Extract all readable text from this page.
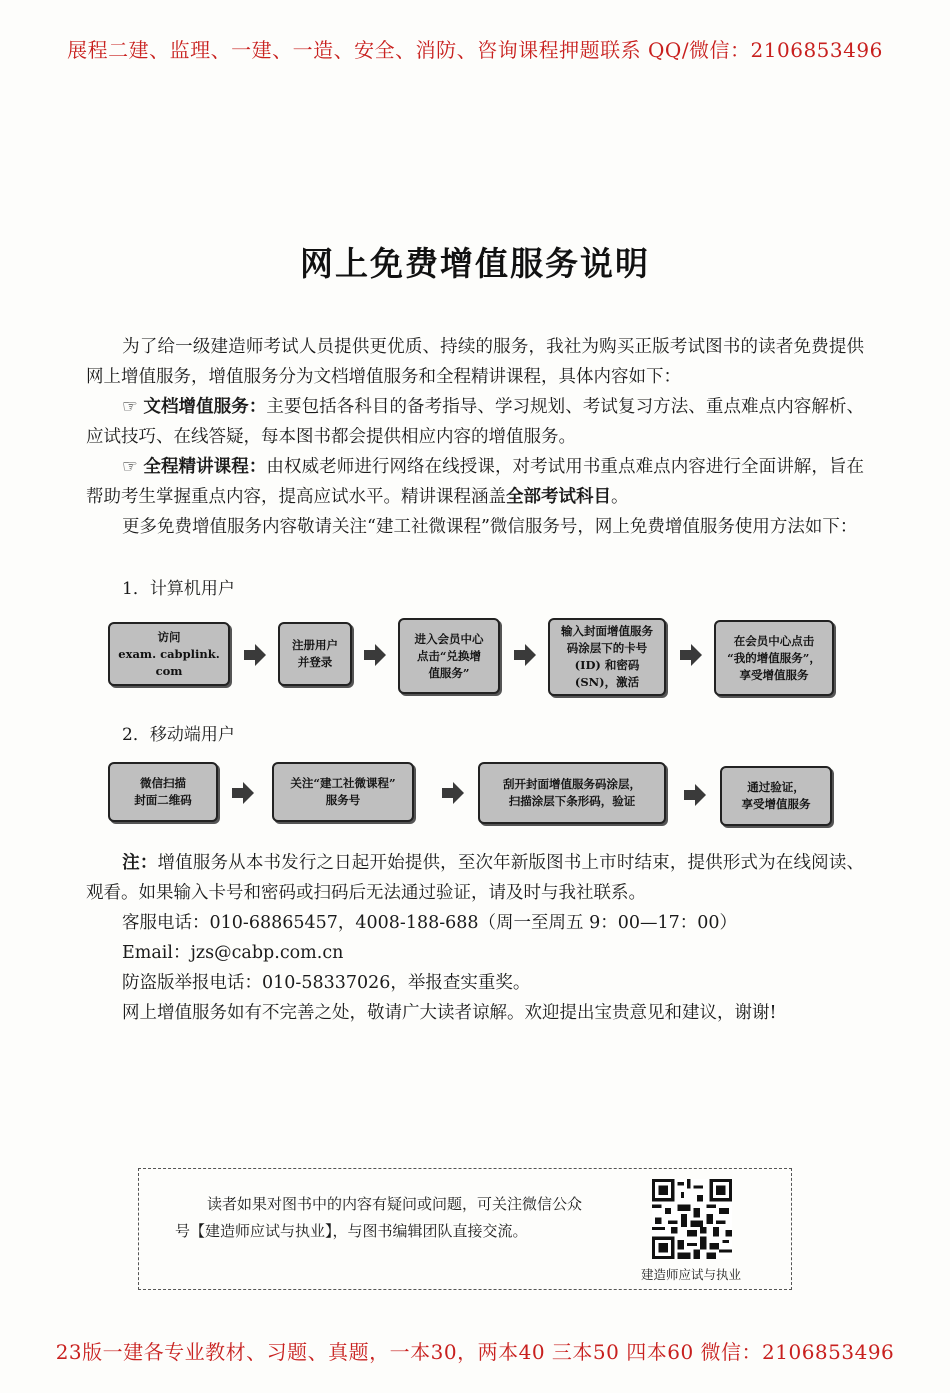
展程二建、监理、一建、一造、安全、消防、咨询课程押题联系 QQ/微信：2106853496
网上免费增值服务说明
为了给一级建造师考试人员提供更优质、持续的服务，我社为购买正版考试图书的读者免费提供网上增值服务，增值服务分为文档增值服务和全程精讲课程，具体内容如下：
☞ 文档增值服务：主要包括各科目的备考指导、学习规划、考试复习方法、重点难点内容解析、应试技巧、在线答疑，每本图书都会提供相应内容的增值服务。
☞ 全程精讲课程：由权威老师进行网络在线授课，对考试用书重点难点内容进行全面讲解，旨在帮助考生掌握重点内容，提高应试水平。精讲课程涵盖全部考试科目。
更多免费增值服务内容敬请关注“建工社微课程”微信服务号，网上免费增值服务使用方法如下：
1．计算机用户
访问
exam. cabplink. com
注册用户
并登录
进入会员中心
点击“兑换增
值服务”
输入封面增值服务
码涂层下的卡号
(ID) 和密码
(SN)，激活
在会员中心点击
“我的增值服务”，
享受增值服务
2．移动端用户
微信扫描
封面二维码
关注“建工社微课程”
服务号
刮开封面增值服务码涂层，
扫描涂层下条形码，验证
通过验证，
享受增值服务
注：增值服务从本书发行之日起开始提供，至次年新版图书上市时结束，提供形式为在线阅读、观看。如果输入卡号和密码或扫码后无法通过验证，请及时与我社联系。
客服电话：010-68865457，4008-188-688（周一至周五 9：00—17：00）
Email：jzs@cabp.com.cn
防盗版举报电话：010-58337026，举报查实重奖。
网上增值服务如有不完善之处，敬请广大读者谅解。欢迎提出宝贵意见和建议，谢谢!
读者如果对图书中的内容有疑问或问题，可关注微信公众号【建造师应试与执业】，与图书编辑团队直接交流。
建造师应试与执业
23版一建各专业教材、习题、真题，一本30，两本40 三本50 四本60 微信：2106853496
